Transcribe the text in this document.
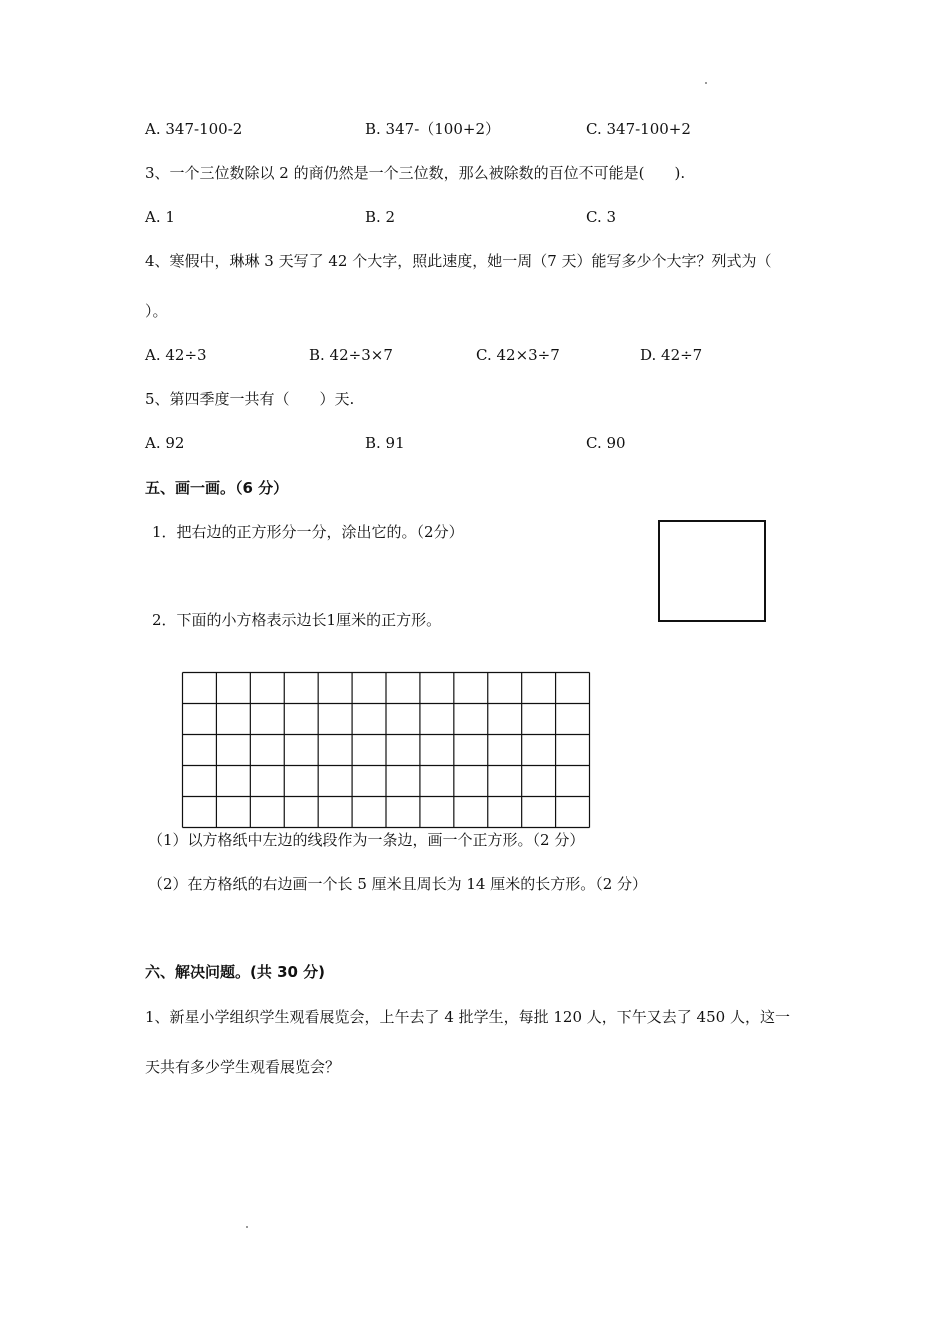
A. 347-100-2	B. 347-（100+2）	C. 347-100+2
3、一个三位数除以 2 的商仍然是一个三位数，那么被除数的百位不可能是(　　).
A. 1	B. 2	C. 3
4、寒假中，琳琳 3 天写了 42 个大字，照此速度，她一周（7 天）能写多少个大字？列式为（
）。
A. 42÷3	B. 42÷3×7	C. 42×3÷7	D. 42÷7
5、第四季度一共有（　　）天.
A. 92	B. 91	C. 90
五、画一画。（6 分）
1．把右边的正方形分一分，涂出它的。（2分）
2．下面的小方格表示边长1厘米的正方形。
（1）以方格纸中左边的线段作为一条边，画一个正方形。（2 分）
（2）在方格纸的右边画一个长 5 厘米且周长为 14 厘米的长方形。（2 分）
六、解决问题。(共 30 分)
1、新星小学组织学生观看展览会，上午去了 4 批学生，每批 120 人，下午又去了 450 人，这一
天共有多少学生观看展览会？
